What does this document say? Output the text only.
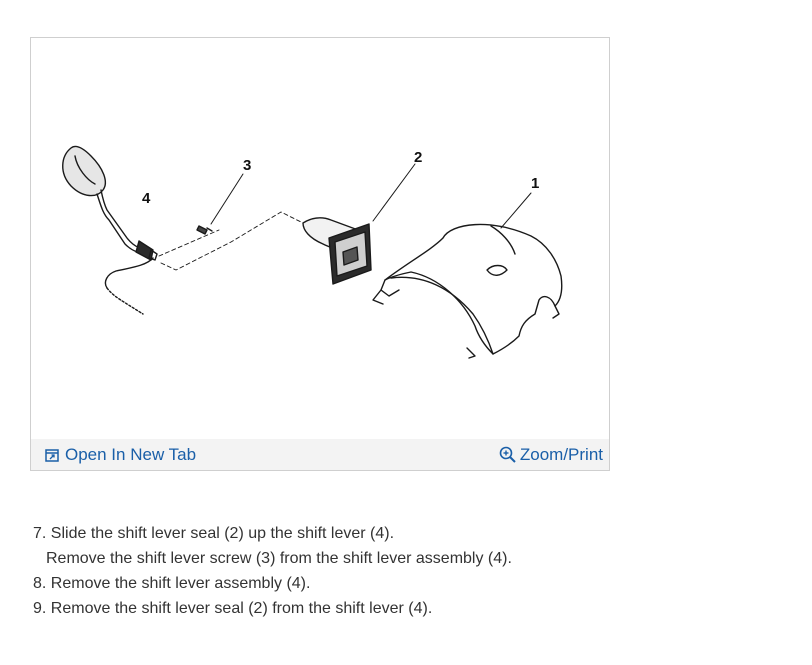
1
2
3
4
Open In New Tab	Zoom/Print

7. Slide the shift lever seal (2) up the shift lever (4).

Remove the shift lever screw (3) from the shift lever assembly (4).

8. Remove the shift lever assembly (4).

9. Remove the shift lever seal (2) from the shift lever (4).
